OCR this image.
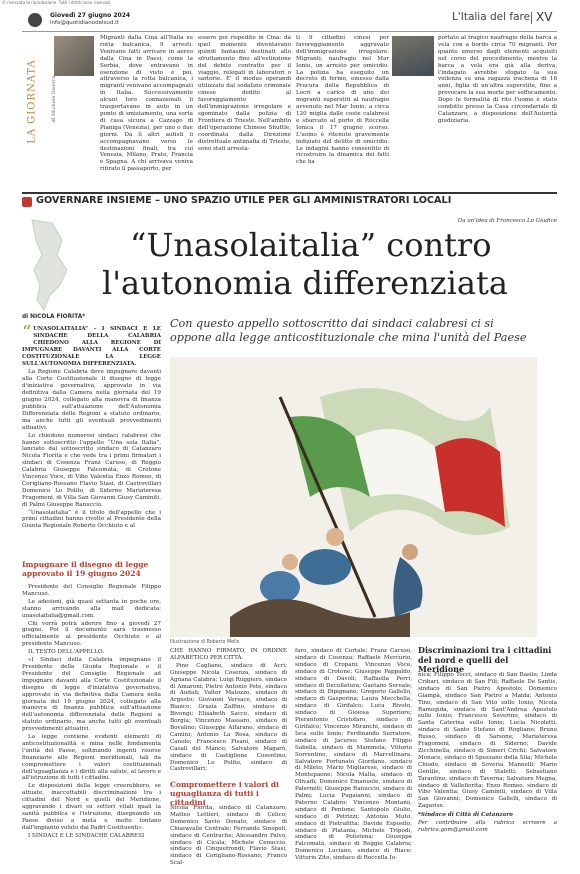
© riservata la riproduzione. Tutti i diritti sono riservati.
Giovedì 27 giugno 2024
info@quotidianodelsud.it	L'Italia del fare XV
LA GIORNATA	di Michele Inserra
Migranti dalla Cina all'Italia su rotta balcanica, 9 arresti. Venivano fatti arrivare in aereo dalla Cina in Paesi, come la Serbia, dove entravano in esenzione di visto e poi, attraverso la rotta balcanica, i migranti venivano accompagnati in Italia. Successivamente alcuni loro connazionali li trasportavano in auto in un punto di smistamento, una sorta di casa sicura a Cazzago di Pianiga (Venezia), per uno o due giorni. Da lì altri autisti li accompagnavano verso le destinazioni finali, tra cui Venezia, Milano, Prato, Francia e Spagna. A chi arrivava veniva ritirato il passaporto, per
essere poi rispedito in Cina: da quel momento diventavano quindi fantasmi destinati allo sfruttamento fino all'estinzione del debito contratto per il viaggio, relegati in laboratori o sartorie. E' il modus operandi utilizzato dal sodalizio criminale cinese dedito al favoreggiamento dell'immigrazione irregolare e sgominato dalla polizia di Frontiera di Trieste. Nell'ambito dell'operazione Chinese Shuttle, coordinata dalla Direzione distrettuale antimafia di Trieste, sono stati arresta-
ti 9 cittadini cinesi per favoreggiamento aggravato dell'immigrazione irregolare. Migranti: naufragio nel Mar Ionio, un arresto per omicidio. La polizia ha eseguito un decreto di fermo, emesso dalla Procura della Repubblica di Locri a carico di uno dei migranti superstiti al naufragio avvenuto nel Mar Ionio, a circa 120 miglia dalle coste calabresi e sbarcato al porto di Roccella Ionica il 17 giugno scorso. L'uomo è ritenuto gravemente indiziato del delitto di omicidio. Le indagini hanno consentito di ricostruire la dinamica dei fatti che ha
portato al tragico naufragio della barca a vela con a bordo circa 70 migranti. Per quanto emerso dagli elementi acquisiti nel corso del procedimento, mentre la barca a vela era già alla deriva, l'indagato avrebbe sfogato la sua violenza su una ragazza irachena di 16 anni, figlia di un'altra superstite, fino a provocare la sua morte per soffocamento. Dopo le formalità di rito l'uomo è stato condotto presso la Casa circondariale di Catanzaro, a disposizione dell'Autorità giudiziaria.
GOVERNARE INSIEME – UNO SPAZIO UTILE PER GLI AMMINISTRATORI LOCALI
Da un'idea di Francesco Lo Giudice
“Unasolaitalia” contro
l'autonomia differenziata
di NICOLA FIORITA*	Con questo appello sottoscritto dai sindaci calabresi ci si oppone alla legge anticostituzionale che mina l'unità del Paese
“ UNASOLAITALIA” – I SINDACI E LE SINDACHE DELLA CALABRIA CHIEDONO ALLA REGIONE DI IMPUGNARE DAVANTI ALLA CORTE COSTITUZIONALE LA LEGGE SULL'AUTONOMIA DIFFERENZIATA.

La Regione Calabria deve impugnare davanti alla Corte Costituzionale il disegno di legge d'iniziativa governativa, approvato in via definitiva dalla Camera nella giornata del 19 giugno 2024, collegato alla manovra di finanza pubblica sull'attuazione dell'Autonomia Differenziata delle Regioni a statuto ordinario, ma anche tutti gli eventuali provvedimenti attuativi.

Lo chiedono numerosi sindaci calabresi che hanno sottoscritto l'appello “Una sola Italia”, lanciato dal sottoscritto sindaco di Catanzaro Nicola Fiorita e che vede tra i primi firmatari i sindaci di Cosenza Franz Caruso, di Reggio Calabria Giuseppe Falcomatà, di Crotone Vincenzo Voce, di Vibo Valentia Enzo Romeo, di Corigliano-Rossano Flavio Stasi, di Castrovillari Domenico Lo Polito, di Siderno Mariateresa Fragomeni, di Villa San Giovanni Giusy Caminiti, di Palmi Giuseppe Ranuccio.

“Unasolaitalia” è il titolo dell'appello che i primi cittadini hanno rivolto al Presidente della Giunta Regionale Roberto Occhiuto e al

Impugnare il disegno di legge approvato il 19 giugno 2024

Presidente del Consiglio Regionale Filippo Mancuso.

Le adesioni, già quasi settanta in poche ore, stanno arrivando alla mail dedicata: unasolaitalia@gmail.com.

Chi vorrà potrà aderire fino a giovedì 27 giugno. Poi il documento sarà trasmesso ufficialmente al presidente Occhiuto e al presidente Mancuso.

IL TESTO DELL'APPELLO.

«I Sindaci della Calabria impegnano il Presidente della Giunta Regionale e il Presidente del Consiglio Regionale ad impugnare davanti alla Corte Costituzionale il disegno di legge d'iniziativa governativa, approvato in via definitiva dalla Camera nella giornata del 19 giugno 2024, collegato alla manovra di finanza pubblica sull'attuazione dell'autonomia differenziata delle Regioni a statuto ordinario, ma anche tutti gli eventuali provvedimenti attuativi.

La legge contiene evidenti elementi di anticostituzionalità e mina nelle fondamenta l'unità del Paese, soltmando ingenti risorse finanziarie alle Regioni meridionali, tali da compromettere i valori costituzionali dell'uguaglianza e i diritti alla salute, al lavoro e all'istruzione di tutti i cittadini.

Le disposizioni della legge creerebbero, se attuate, inaccettabili discriminazioni tra i cittadini del Nord e quelli del Meridione, aggravando i divari su settori vitali quali la sanità pubblica e l'istruzione, disegnando un Paese diviso a metà e molto lontano dall'impianto voluto dai Padri Costituenti».

I SINDACI E LE SINDACHE CALABRESI

Illustrazione di Roberto Melis

CHE HANNO FIRMATO, IN ORDINE ALFABETICO PER CITTÀ.

Pino Cagliano, sindaco di Acri; Giuseppe Nicola Cosenza, sindaco di Agnana Calabra; Luigi Ruggiero, sindaco di Amaroni; Pietro Antonio Pete, sindaco di Audali; Valter Matozzo, sindaco di Argusto; Giovanni Versace, sindaco di Bianco; Grazia Zaffino, sindaco di Bivongi; Elisabeth Sacco, sindaco di Borgia; Vincenzo Massaro, sindaco di Bovalino; Giuseppe Alfarano, sindaco di Camini; Antonio La Rosa, sindaco di Canolo; Francesco Pisani, sindaco di Casali del Manco; Salvatore Magarò, sindaco di Castiglione Cosentino; Domenico Lo Polito, sindaco di Castrovillari;

Compromettere i valori di uguaglianza di tutti i cittadini

Nicola Fiorita, sindaco di Catanzaro; Matteo Lettieri, sindaco di Celico; Domenico Savio Donato, sindaco di Chiaravalle Centrale; Ferrando Sinopoli, sindaco di Centrache; Alessandro Palvo, sindaco di Cicala; Michele Cenuccio, sindaco di Cinquefrondi; Flavio Stasi, sindaco di Corigliano-Rossano; Franco Scal-

faro, sindaco di Cortale; Franz Caruso, sindaco di Cosenza; Raffaele Mercurio, sindaco di Cropani; Vincenzo Voce, sindaco di Crotone; Giuseppe Pappaldo, sindaco di Davoli; Raffaella Perri, sindaco di Decollatura; Gaetano Sereale, sindaco di Dipignano; Gregorio Gallello, sindaco di Gasperina; Laura Mecchella, sindaco di Girifalco; Luca Rivoto, sindaco di Gioiosa Superiore; Pierantonio Cristofaro, sindaco di Girifalco; Vincenzo Miranchi, sindaco di Isca sullo Ionio; Ferdinando Serratore, sindaco di Jacurso; Stefano Filippo Sabella, sindaco di Mammola; Vittorio Sorrentino, sindaco di Marcellinara. Salvatore Fortunato Giordano, sindaco di Mileto; Mario Migliarese, sindaco di Montepaone; Nicola Malta, sindaco di Olivadi; Domenico Emanuele, sindaco di Palermiti; Giuseppe Ranuccio, sindaco di Palmi; Lucia Pugaianni, sindaco di Paterno Calabro; Vincenzo Montano, sindaco di Pentone; Santopolo Giulio, sindaco di Petrizzi; Antonio Muto, sindaco di Pietrafitta; Davide Esposito, sindaco di Platania; Michele Tripodi, sindaco di Polistena; Giuseppe Falcomatà, sindaco di Reggio Calabria; Domenico Luciano, sindaco di Riace; Vittorio Zito, sindaco di Roccella Io-
Discriminazioni tra i cittadini del nord e quelli del Meridione

nica; Filippo Tocci, sindaco di San Basile; Linda Cribari, sindaco di San Fili; Raffaele De Santis, sindaco di San Pietro Apostolo; Domenico Giampà, sindaco San Pietro a Maida; Antonio Tino, sindaco di San Vito sullo Ionio; Nicola Ramogida, sindaco di Sant'Andrea Apostolo sullo Ionio; Francesco Severino, sindaco di Santa Caterina sullo Ionio; Lucia Nicoletti, sindaco di Santo Stefano di Rogliano; Bruno Russo, sindaco di Sarsone; Mariateresa Fragomeni, sindaco di Siderno; Davide Zicchinella, sindaco di Simeri Crichi; Salvatore Monaco, sindaco di Spezzano della Sila; Michele Chiodo, sindaco di Soverìa Mannelli; Mario Gentile, sindaco di Stalettì; Sebastiano Tarantino, sindaco di Taverna; Salvatore Megna, sindaco di Vallefiorita; Enzo Romeo, sindaco di Vibo Valentia; Giusy Caminiti, sindaco di Villa San Giovanni; Domenico Gallelli, sindaco di Zagarise.

*Sindaco di Città di Catanzaro

Per contribuire alla rubrica scrivere a rubrica.gom@gmail.com
